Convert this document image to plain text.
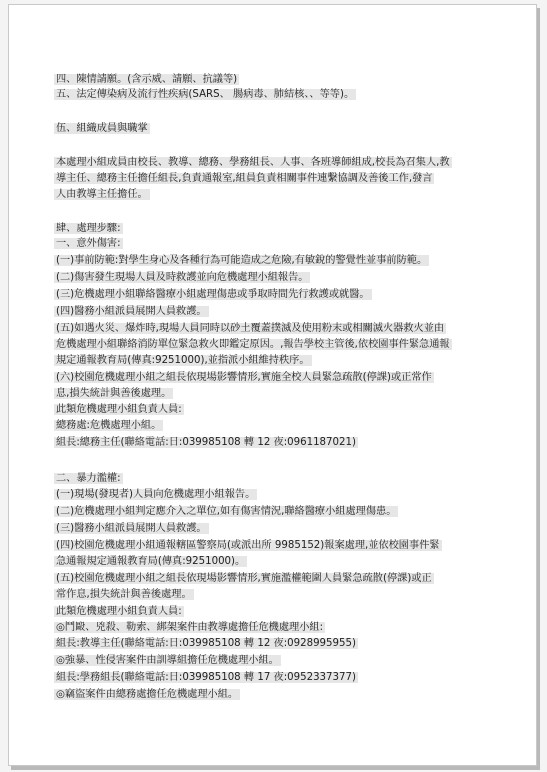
四、陳情請願。(含示威、請願、抗議等)
五、法定傳染病及流行性疾病(SARS、 腸病毒、肺結核、、等等)。
伍、組織成員與職掌
本處理小組成員由校長、教導、總務、學務組長、人事、各班導師組成,校長為召集人,教
導主任、總務主任擔任組長,負責通報室,組員負責相關事件連繫協調及善後工作,發言
人由教導主任擔任。
肆、處理步驟:
一、意外傷害:
(一)事前防範:對學生身心及各種行為可能造成之危險,有敏銳的警覺性並事前防範。
(二)傷害發生現場人員及時救護並向危機處理小組報告。
(三)危機處理小組聯絡醫療小組處理傷患或爭取時間先行救護或就醫。
(四)醫務小組派員展開人員救護。
(五)如遇火災、爆炸時,現場人員同時以砂土覆蓋撲滅及使用粉末或相關滅火器救火並由
危機處理小組聯絡消防單位緊急救火即鑑定原因。,報告學校主管後,依校園事件緊急通報
規定通報教育局(傳真:9251000),並指派小組維持秩序。
(六)校園危機處理小組之組長依現場影響情形,實施全校人員緊急疏散(停課)或正常作
息,損失統計與善後處理。
此類危機處理小組負責人員:
總務處:危機處理小組。
組長:總務主任(聯絡電話:日:039985108 轉 12 夜:0961187021)
二、暴力濫權:
(一)現場(發現者)人員向危機處理小組報告。
(二)危機處理小組判定應介入之單位,如有傷害情況,聯絡醫療小組處理傷患。
(三)醫務小組派員展開人員救護。
(四)校園危機處理小組通報轄區警察局(或派出所 9985152)報案處理,並依校園事件緊
急通報規定通報教育局(傳真:9251000)。
(五)校園危機處理小組之組長依現場影響情形,實施濫權範圍人員緊急疏散(停課)或正
常作息,損失統計與善後處理。
此類危機處理小組負責人員:
◎鬥毆、兇殺、勒索、綁架案件由教導處擔任危機處理小組:
組長:教導主任(聯絡電話:日:039985108 轉 12 夜:0928995955)
◎強暴、性侵害案件由訓導組擔任危機處理小組。
組長:學務組長(聯絡電話:日:039985108 轉 17 夜:0952337377)
◎竊盜案件由總務處擔任危機處理小組。
